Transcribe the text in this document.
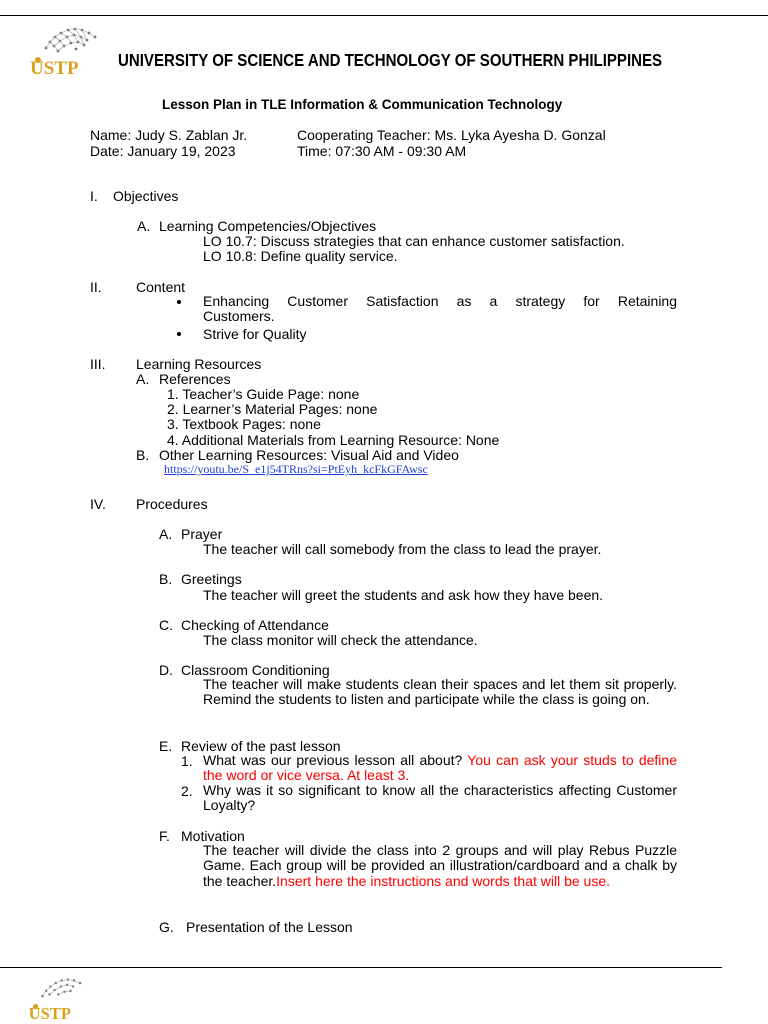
USTP UNIVERSITY OF SCIENCE AND TECHNOLOGY OF SOUTHERN PHILIPPINES
Lesson Plan in TLE Information & Communication Technology
Name: Judy S. Zablan Jr.	Cooperating Teacher: Ms. Lyka Ayesha D. Gonzal
Date: January 19, 2023	Time: 07:30 AM - 09:30 AM
I. Objectives
A. Learning Competencies/Objectives
LO 10.7: Discuss strategies that can enhance customer satisfaction.
LO 10.8: Define quality service.
II. Content
Enhancing Customer Satisfaction as a strategy for Retaining Customers.
Strive for Quality
III. Learning Resources
A. References
1. Teacher’s Guide Page: none
2. Learner’s Material Pages: none
3. Textbook Pages: none
4. Additional Materials from Learning Resource: None
B. Other Learning Resources: Visual Aid and Video
https://youtu.be/S_e1j54TRns?si=PtEyh_kcFkGFAwsc
IV. Procedures
A. Prayer
The teacher will call somebody from the class to lead the prayer.
B. Greetings
The teacher will greet the students and ask how they have been.
C. Checking of Attendance
The class monitor will check the attendance.
D. Classroom Conditioning
The teacher will make students clean their spaces and let them sit properly. Remind the students to listen and participate while the class is going on.
E. Review of the past lesson
1. What was our previous lesson all about? You can ask your studs to define the word or vice versa. At least 3.
2. Why was it so significant to know all the characteristics affecting Customer Loyalty?
F. Motivation
The teacher will divide the class into 2 groups and will play Rebus Puzzle Game. Each group will be provided an illustration/cardboard and a chalk by the teacher.Insert here the instructions and words that will be use.
G. Presentation of the Lesson
USTP
